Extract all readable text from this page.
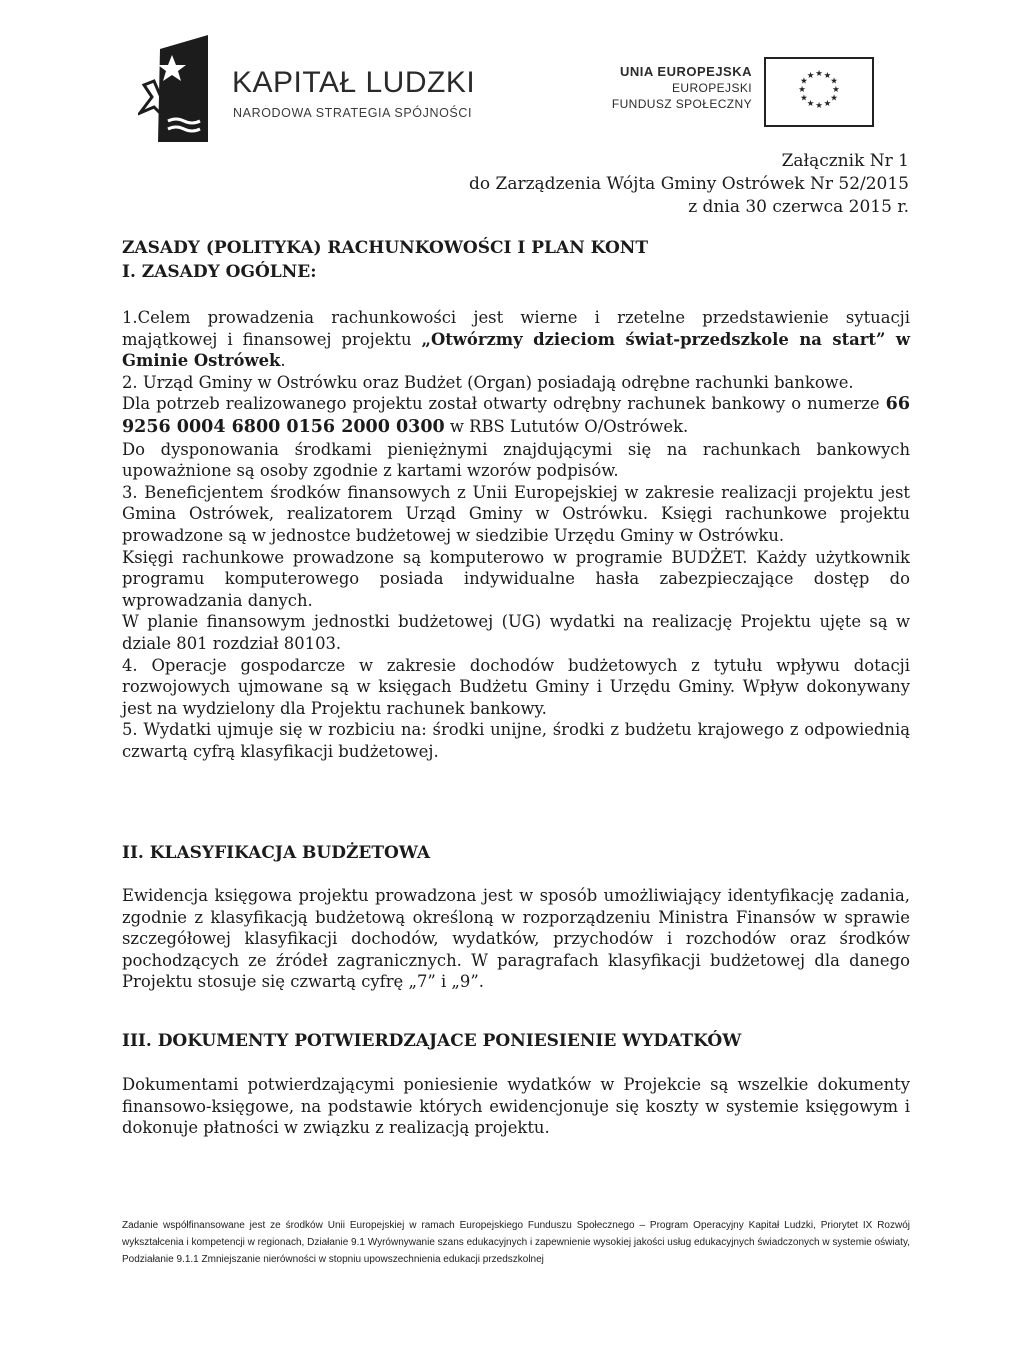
KAPITAŁ LUDZKI
NARODOWA STRATEGIA SPÓJNOŚCI
UNIA EUROPEJSKA
EUROPEJSKI
FUNDUSZ SPOŁECZNY
★ ★
★
★
★
★
★
★
★
★
★
★
Załącznik Nr 1
do Zarządzenia Wójta Gminy Ostrówek Nr 52/2015
z dnia 30 czerwca 2015 r.
ZASADY (POLITYKA) RACHUNKOWOŚCI I PLAN KONT
I. ZASADY OGÓLNE:

1.Celem prowadzenia rachunkowości jest wierne i rzetelne przedstawienie sytuacji majątkowej i finansowej projektu „Otwórzmy dzieciom świat-przedszkole na start” w Gminie Ostrówek.

2. Urząd Gminy w Ostrówku oraz Budżet (Organ) posiadają odrębne rachunki bankowe.

Dla potrzeb realizowanego projektu został otwarty odrębny rachunek bankowy o numerze 66 9256 0004 6800 0156 2000 0300 w RBS Lututów O/Ostrówek.

Do dysponowania środkami pieniężnymi znajdującymi się na rachunkach bankowych upoważnione są osoby zgodnie z kartami wzorów podpisów.

3. Beneficjentem środków finansowych z Unii Europejskiej w zakresie realizacji projektu jest Gmina Ostrówek, realizatorem Urząd Gminy w Ostrówku. Księgi rachunkowe projektu prowadzone są w jednostce budżetowej w siedzibie Urzędu Gminy w Ostrówku.

Księgi rachunkowe prowadzone są komputerowo w programie BUDŻET. Każdy użytkownik programu komputerowego posiada indywidualne hasła zabezpieczające dostęp do wprowadzania danych.

W planie finansowym jednostki budżetowej (UG) wydatki na realizację Projektu ujęte są w dziale 801 rozdział 80103.

4. Operacje gospodarcze w zakresie dochodów budżetowych z tytułu wpływu dotacji rozwojowych ujmowane są w księgach Budżetu Gminy i Urzędu Gminy. Wpływ dokonywany jest na wydzielony dla Projektu rachunek bankowy.

5. Wydatki ujmuje się w rozbiciu na: środki unijne, środki z budżetu krajowego z odpowiednią czwartą cyfrą klasyfikacji budżetowej.

II. KLASYFIKACJA BUDŻETOWA

Ewidencja księgowa projektu prowadzona jest w sposób umożliwiający identyfikację zadania, zgodnie z klasyfikacją budżetową określoną w rozporządzeniu Ministra Finansów w sprawie szczegółowej klasyfikacji dochodów, wydatków, przychodów i rozchodów oraz środków pochodzących ze źródeł zagranicznych. W paragrafach klasyfikacji budżetowej dla danego Projektu stosuje się czwartą cyfrę „7” i „9”.

III. DOKUMENTY POTWIERDZAJACE PONIESIENIE WYDATKÓW

Dokumentami potwierdzającymi poniesienie wydatków w Projekcie są wszelkie dokumenty finansowo-księgowe, na podstawie których ewidencjonuje się koszty w systemie księgowym i dokonuje płatności w związku z realizacją projektu.

Zadanie współfinansowane jest ze środków Unii Europejskiej w ramach Europejskiego Funduszu Społecznego – Program Operacyjny Kapitał Ludzki, Priorytet IX Rozwój wykształcenia i kompetencji w regionach, Działanie 9.1 Wyrównywanie szans edukacyjnych i zapewnienie wysokiej jakości usług edukacyjnych świadczonych w systemie oświaty, Podziałanie 9.1.1 Zmniejszanie nierówności w stopniu upowszechnienia edukacji przedszkolnej
